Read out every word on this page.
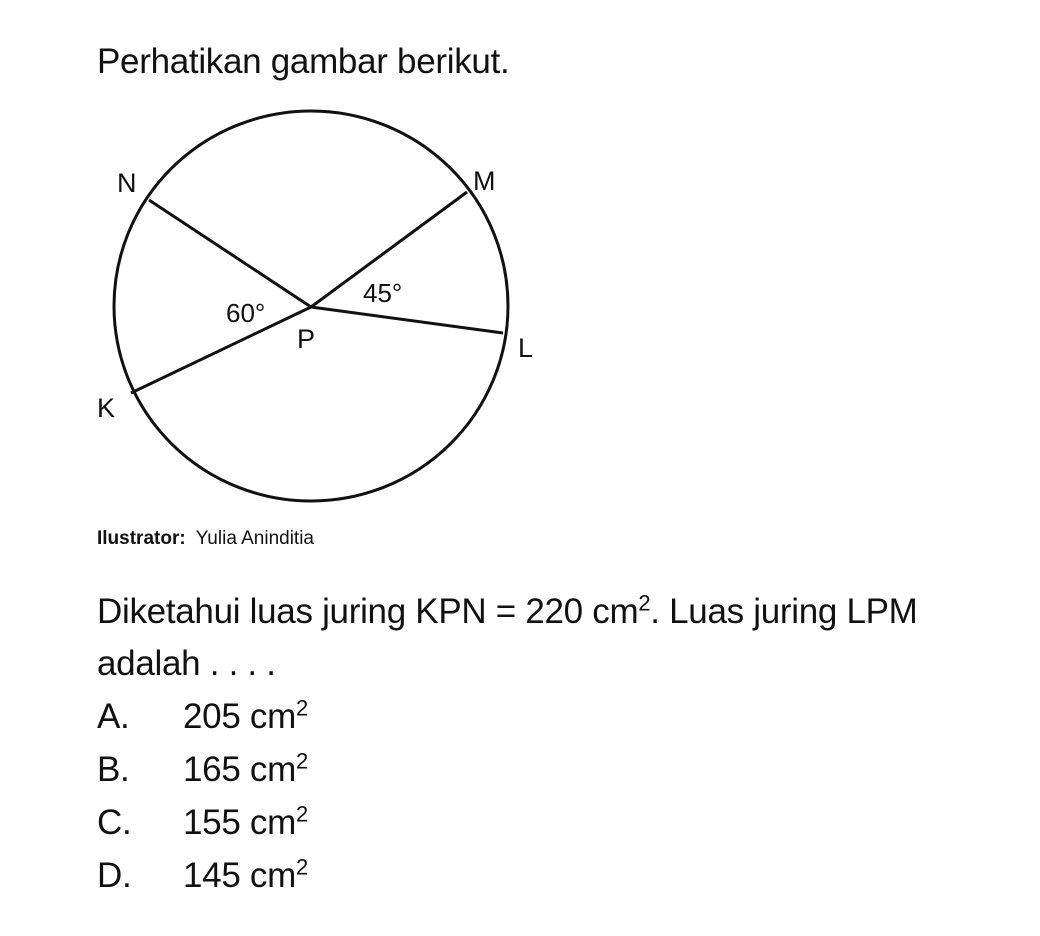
Perhatikan gambar berikut.
N	M
P	L
K
60°
45°
Ilustrator: Yulia Aninditia
Diketahui luas juring KPN = 220 $cm^2$. Luas juring LPM adalah . . . .
A.	205 $cm^2$
B.	165 $cm^2$
C.	155 $cm^2$
D.	145 $cm^2$
